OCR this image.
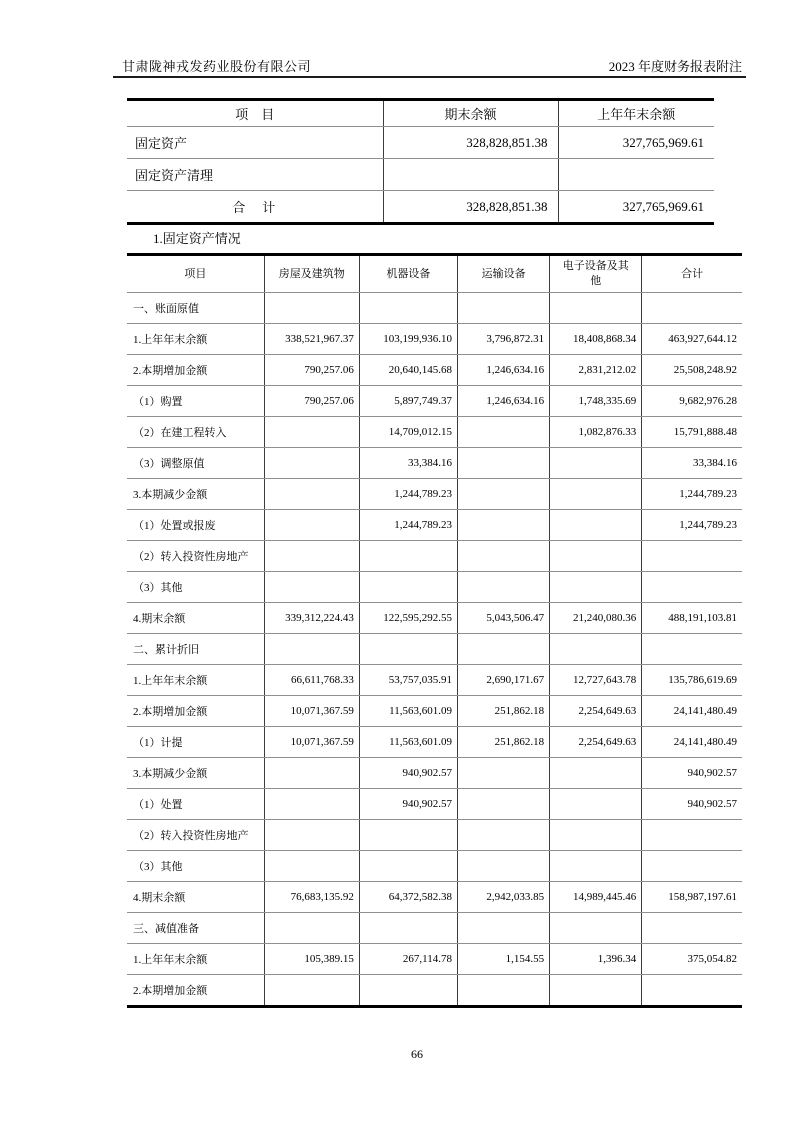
甘肃陇神戎发药业股份有限公司	2023 年度财务报表附注
项　目	期末余额	上年年末余额
固定资产	328,828,851.38	327,765,969.61
固定资产清理		
合　计	328,828,851.38	327,765,969.61
1.固定资产情况
项目	房屋及建筑物	机器设备	运输设备	电子设备及其他	合计
一、账面原值					
1.上年年末余额	338,521,967.37	103,199,936.10	3,796,872.31	18,408,868.34	463,927,644.12
2.本期增加金额	790,257.06	20,640,145.68	1,246,634.16	2,831,212.02	25,508,248.92
（1）购置	790,257.06	5,897,749.37	1,246,634.16	1,748,335.69	9,682,976.28
（2）在建工程转入		14,709,012.15		1,082,876.33	15,791,888.48
（3）调整原值		33,384.16			33,384.16
3.本期减少金额		1,244,789.23			1,244,789.23
（1）处置或报废		1,244,789.23			1,244,789.23
（2）转入投资性房地产					
（3）其他					
4.期末余额	339,312,224.43	122,595,292.55	5,043,506.47	21,240,080.36	488,191,103.81
二、累计折旧					
1.上年年末余额	66,611,768.33	53,757,035.91	2,690,171.67	12,727,643.78	135,786,619.69
2.本期增加金额	10,071,367.59	11,563,601.09	251,862.18	2,254,649.63	24,141,480.49
（1）计提	10,071,367.59	11,563,601.09	251,862.18	2,254,649.63	24,141,480.49
3.本期减少金额		940,902.57			940,902.57
（1）处置		940,902.57			940,902.57
（2）转入投资性房地产					
（3）其他					
4.期末余额	76,683,135.92	64,372,582.38	2,942,033.85	14,989,445.46	158,987,197.61
三、减值准备					
1.上年年末余额	105,389.15	267,114.78	1,154.55	1,396.34	375,054.82
2.本期增加金额					
66
